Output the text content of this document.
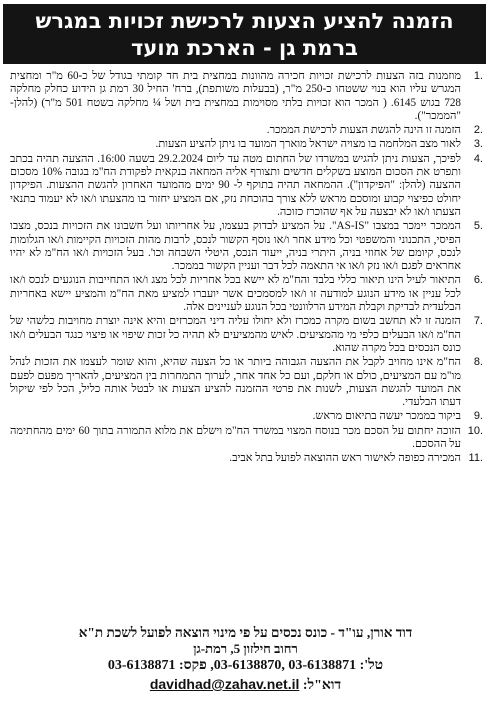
הזמנה להציע הצעות לרכישת זכויות במגרש
ברמת גן - הארכת מועד
1.
מוזמנות בזה הצעות לרכישת זכויות חכירה מהוונות במחצית בית חד קומתי בגודל של כ-60 מ"ר ומחצית המגרש עליו הוא בנוי ששטחו כ-250 מ"ר, (בבעלות משותפת), ברח' החיל 30 רמת גן הידוע כחלק מחלקה 728 בגוש 6145. ( המכר הוא זכויות בלתי מסוימות במחצית בית ושל ¼ מחלקה בשטח 501 מ"ר) (להלן- "הממכר").
2.
הזמנה זו הינה להגשת הצעות לרכישת הממכר.
3.
לאור מצב המלחמה בו מצויה ישראל מוארך המועד בו ניתן להציע הצעות.
4.
לפיכך, הצעות ניתן להגיש במשרדו של החתום מטה עד ליום 29.2.2024 בשעה 16:00. ההצעה תהיה בכתב ותפרט את הסכום המוצע בשקלים חדשים ותצורף אליה המחאה בנקאית לפקודת הח"מ בגובה 10% מסכום ההצעה (להלן: "הפיקדון"). ההמחאה תהיה בתוקף ל- 90 ימים מהמועד האחרון להגשת ההצעות. הפיקדון יחולט כפיצוי קבוע ומוסכם מראש ללא צורך בהוכחת נזק, אם המציע יחזור בו מהצעתו ו/או לא יעמוד בתנאי הצעתו ו/או לא יבצעה על אף שהוכרז כזוכה.
5.
הממכר יימכר במצבו "AS-IS". על המציע לבדוק בעצמו, על אחריותו ועל חשבונו את הזכויות בנכס, מצבו הפיסי, התכנוני והמשפטי וכל מידע אחר ו/או נוסף הקשור לנכס, לרבות מהות הזכויות הקיימות ו/או הגלומות לנכס, קיומם של אחוזי בניה, היתרי בניה, ייעוד הנכס, היטלי השבחה וכו'. בעל הזכויות ו/או הח"מ לא יהיו אחראים לפגם ו/או נזק ו/או אי התאמה לכל דבר ועניין הקשור בממכר.
6.
התיאור לעיל הינו תיאור כללי בלבד והח"מ לא יישא בכל אחריות לכל מצג ו/או התחייבות הנוגעים לנכס ו/או לכל עניין או מידע הנוגע למודעה זו ו/או למסמכים אשר יועברו למציע מאת הח"מ והמציע יישא באחריות הבלעדית לבדיקת וקבלת המידע הרלוונטי בכל הנוגע לעניינים אלה.
7.
הזמנה זו לא תחשב בשום מקרה כמכרז ולא יחולו עליה דיני המכרזים והיא אינה יוצרת מחויבות כלשהי של הח"מ ו/או הבעלים כלפי מי מהמציעים. לאיש מהמציעים לא תהיה כל זכות שיפוי או פיצוי כנגד הבעלים ו/או כונס הנכסים בכל מקרה שהוא.
8.
הח"מ אינו מחויב לקבל את ההצעה הגבוהה ביותר או כל הצעה שהיא, והוא שומר לעצמו את הזכות לנהל מו"מ עם המציעים, כולם או חלקם, ועם כל אחד אחר, לערוך התמחרות בין המציעים, להאריך מפעם לפעם את המועד להגשת הצעות, לשנות את פרטי ההזמנה להציע הצעות או לבטל אותה כליל, הכל לפי שיקול דעתו הבלעדי.
9.
ביקור בממכר יעשה בתיאום מראש.
10.
הזוכה יחתום על הסכם מכר בנוסח המצוי במשרד הח"מ וישלם את מלוא התמורה בתוך 60 ימים מהחתימה על ההסכם.
11.
המכירה כפופה לאישור ראש ההוצאה לפועל בתל אביב.
דוד אורן, עו"ד - כונס נכסים על פי מינוי הוצאה לפועל לשכת ת"א
רחוב חילזון 5, רמת-גן
טל': 03-6138870, 03-6138871, פקס: 03-6138871
דוא"ל: davidhad@zahav.net.il
